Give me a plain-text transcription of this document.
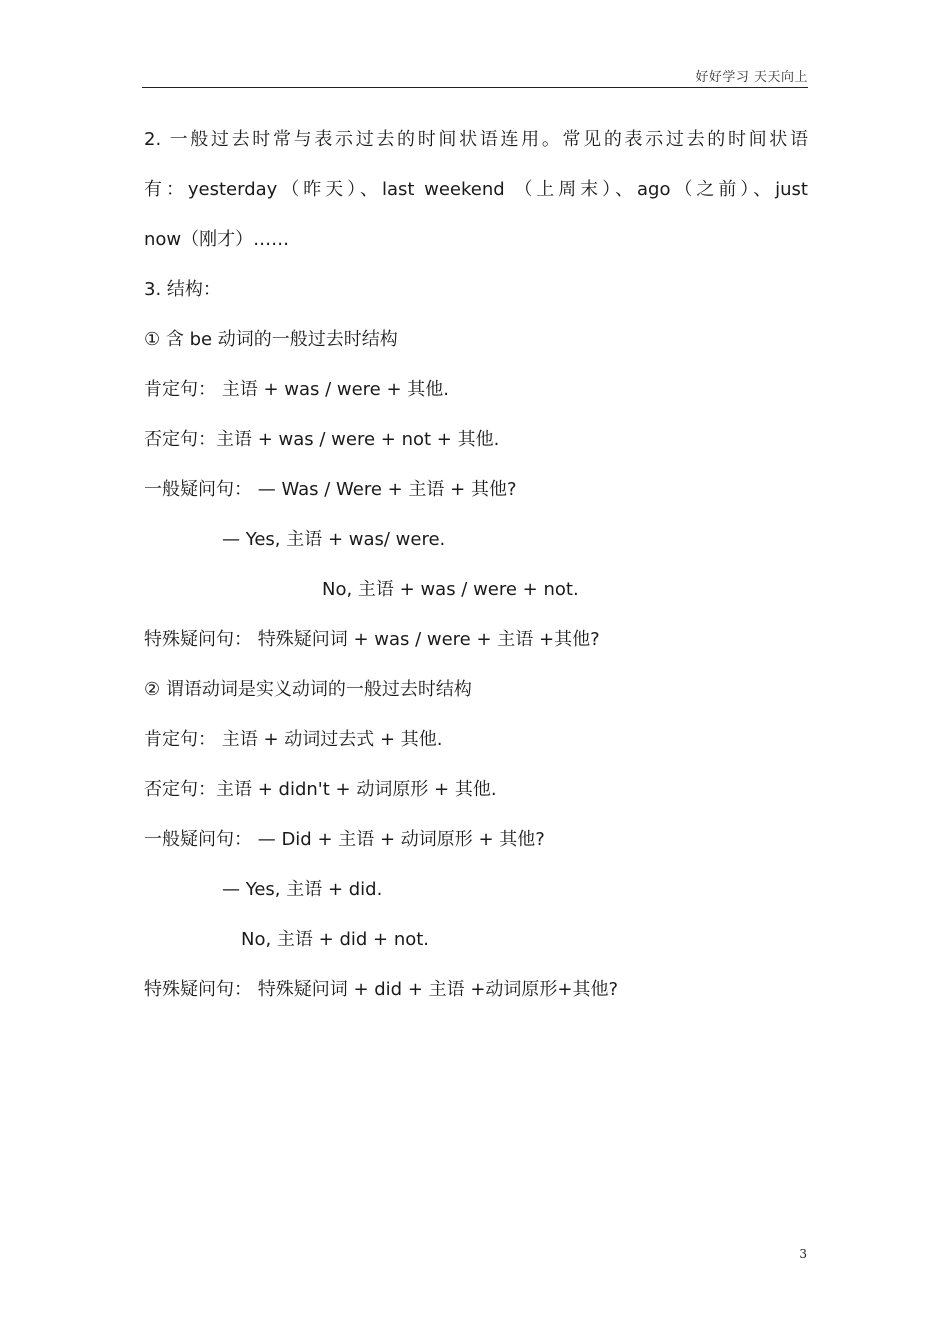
好好学习 天天向上
2. 一般过去时常与表示过去的时间状语连用。常见的表示过去的时间状语
有：yesterday（昨天）、last weekend （上周末）、ago（之前）、just
now（刚才）……
3. 结构：
① 含 be 动词的一般过去时结构
肯定句： 主语 + was / were + 其他.
否定句：主语 + was / were + not + 其他.
一般疑问句： — Was / Were + 主语 + 其他?
— Yes, 主语 + was/ were.
No, 主语 + was / were + not.
特殊疑问句： 特殊疑问词 + was / were + 主语 +其他?
② 谓语动词是实义动词的一般过去时结构
肯定句： 主语 + 动词过去式 + 其他.
否定句：主语 + didn't + 动词原形 + 其他.
一般疑问句： — Did + 主语 + 动词原形 + 其他?
— Yes, 主语 + did.
No, 主语 + did + not.
特殊疑问句： 特殊疑问词 + did + 主语 +动词原形+其他?
3
